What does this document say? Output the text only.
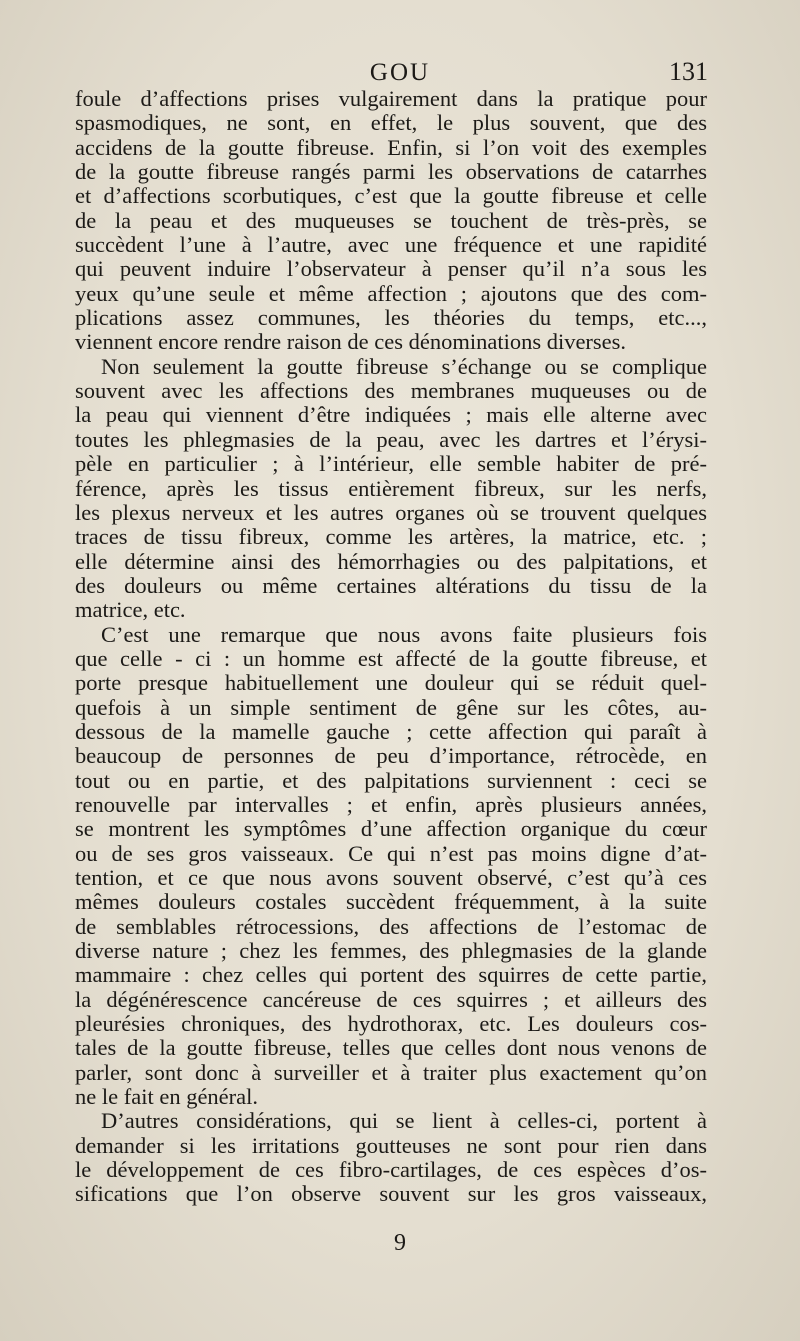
GOU	131
foule d’affections prises vulgairement dans la pratique pour
spasmodiques, ne sont, en effet, le plus souvent, que des
accidens de la goutte fibreuse. Enfin, si l’on voit des exemples
de la goutte fibreuse rangés parmi les observations de catarrhes
et d’affections scorbutiques, c’est que la goutte fibreuse et celle
de la peau et des muqueuses se touchent de très-près, se
succèdent l’une à l’autre, avec une fréquence et une rapidité
qui peuvent induire l’observateur à penser qu’il n’a sous les
yeux qu’une seule et même affection ; ajoutons que des com-
plications assez communes, les théories du temps, etc...,
viennent encore rendre raison de ces dénominations diverses.
Non seulement la goutte fibreuse s’échange ou se complique
souvent avec les affections des membranes muqueuses ou de
la peau qui viennent d’être indiquées ; mais elle alterne avec
toutes les phlegmasies de la peau, avec les dartres et l’érysi-
pèle en particulier ; à l’intérieur, elle semble habiter de pré-
férence, après les tissus entièrement fibreux, sur les nerfs,
les plexus nerveux et les autres organes où se trouvent quelques
traces de tissu fibreux, comme les artères, la matrice, etc. ;
elle détermine ainsi des hémorrhagies ou des palpitations, et
des douleurs ou même certaines altérations du tissu de la
matrice, etc.
C’est une remarque que nous avons faite plusieurs fois
que celle - ci : un homme est affecté de la goutte fibreuse, et
porte presque habituellement une douleur qui se réduit quel-
quefois à un simple sentiment de gêne sur les côtes, au-
dessous de la mamelle gauche ; cette affection qui paraît à
beaucoup de personnes de peu d’importance, rétrocède, en
tout ou en partie, et des palpitations surviennent : ceci se
renouvelle par intervalles ; et enfin, après plusieurs années,
se montrent les symptômes d’une affection organique du cœur
ou de ses gros vaisseaux. Ce qui n’est pas moins digne d’at-
tention, et ce que nous avons souvent observé, c’est qu’à ces
mêmes douleurs costales succèdent fréquemment, à la suite
de semblables rétrocessions, des affections de l’estomac de
diverse nature ; chez les femmes, des phlegmasies de la glande
mammaire : chez celles qui portent des squirres de cette partie,
la dégénérescence cancéreuse de ces squirres ; et ailleurs des
pleurésies chroniques, des hydrothorax, etc. Les douleurs cos-
tales de la goutte fibreuse, telles que celles dont nous venons de
parler, sont donc à surveiller et à traiter plus exactement qu’on
ne le fait en général.
D’autres considérations, qui se lient à celles-ci, portent à
demander si les irritations goutteuses ne sont pour rien dans
le développement de ces fibro-cartilages, de ces espèces d’os-
sifications que l’on observe souvent sur les gros vaisseaux,
9
